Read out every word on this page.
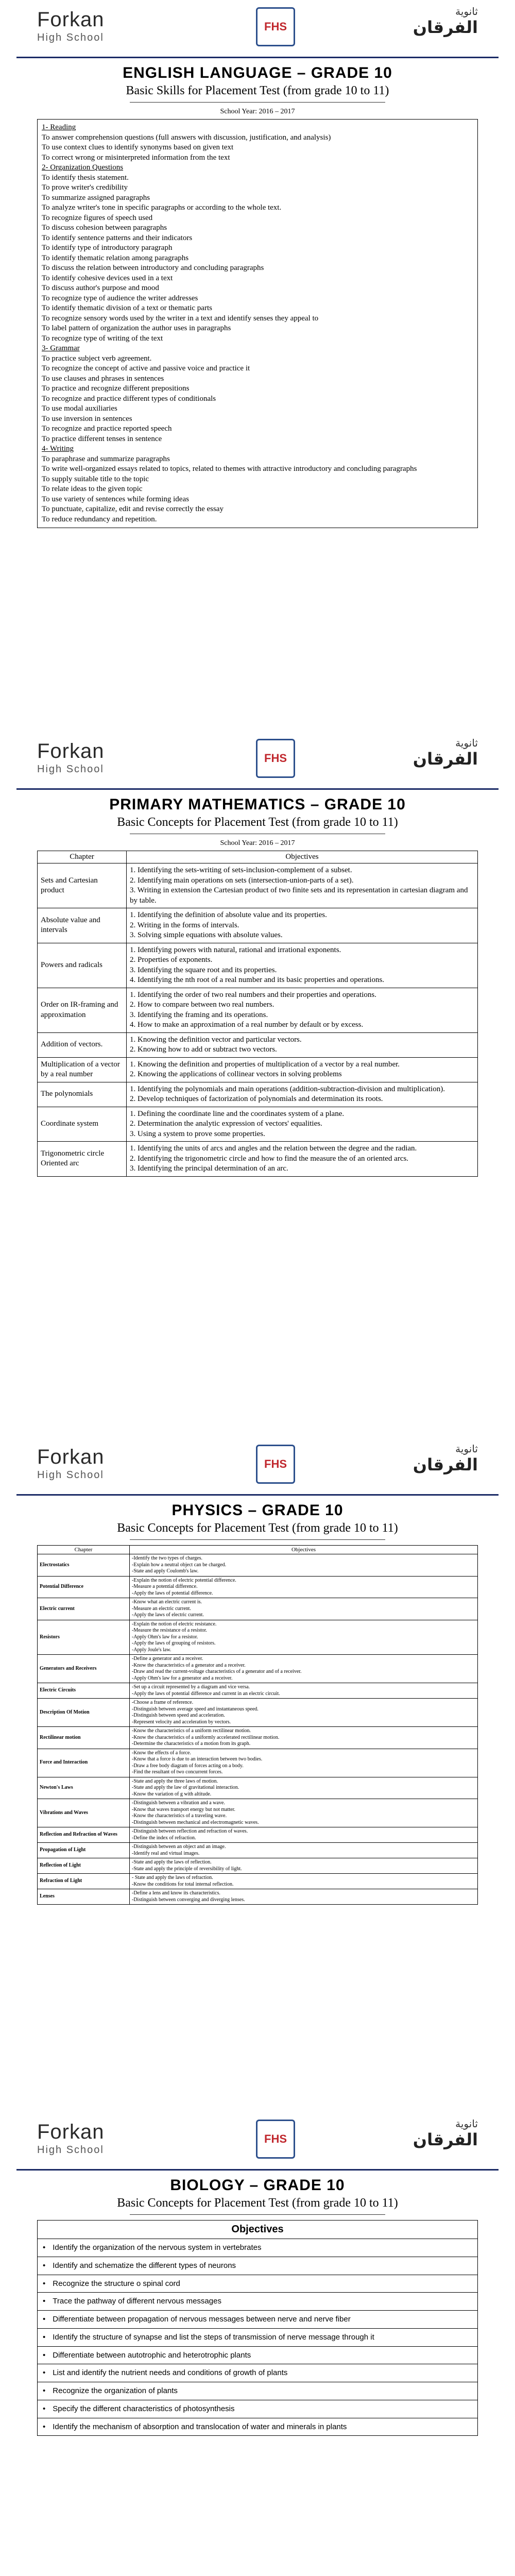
Forkan
High School
FHS
ثانوية
الفرقان
ENGLISH LANGUAGE – GRADE 10
Basic Skills for Placement Test (from grade 10 to 11)
School Year: 2016 – 2017
1- Reading
To answer comprehension questions (full answers with discussion, justification, and analysis)
To use context clues to identify synonyms based on given text
To correct wrong or misinterpreted information from the text
2- Organization Questions
To identify thesis statement.
To prove writer's credibility
To summarize assigned paragraphs
To analyze writer's tone in specific paragraphs or according to the whole text.
To recognize figures of speech used
To discuss cohesion between paragraphs
To identify sentence patterns and their indicators
To identify type of introductory paragraph
To identify thematic relation among paragraphs
To discuss the relation between introductory and concluding paragraphs
To identify cohesive devices used in a text
To discuss author's purpose and mood
To recognize type of audience the writer addresses
To identify thematic division of a text or thematic parts
To recognize sensory words used by the writer in a text and identify senses they appeal to
To label pattern of organization the author uses in paragraphs
To recognize type of writing of the text
3- Grammar
To practice subject verb agreement.
To recognize the concept of active and passive voice and practice it
To use clauses and phrases in sentences
To practice and recognize different prepositions
To recognize and practice different types of conditionals
To use modal auxiliaries
To use inversion in sentences
To recognize and practice reported speech
To practice different tenses in sentence
4- Writing
To paraphrase and summarize paragraphs
To write well-organized essays related to topics, related to themes with attractive introductory and concluding paragraphs
To supply suitable title to the topic
To relate ideas to the given topic
To use variety of sentences while forming ideas
To punctuate, capitalize, edit and revise correctly the essay
To reduce redundancy and repetition.
Forkan
High School
FHS
ثانوية
الفرقان
PRIMARY MATHEMATICS – GRADE 10
Basic Concepts for Placement Test (from grade 10 to 11)
School Year: 2016 – 2017
Chapter	Objectives
Sets and Cartesian product	1. Identifying the sets-writing of sets-inclusion-complement of a subset.
2. Identifying main operations on sets (intersection-union-parts of a set).
3. Writing in extension the Cartesian product of two finite sets and its representation in cartesian diagram and by table.

Absolute value and intervals	1. Identifying the definition of absolute value and its properties.
2. Writing in the forms of intervals.
3. Solving simple equations with absolute values.

Powers and radicals	1. Identifying powers with natural, rational and irrational exponents.
2. Properties of exponents.
3. Identifying the square root and its properties.
4. Identifying the nth root of a real number and its basic properties and operations.

Order on IR-framing and approximation	1. Identifying the order of two real numbers and their properties and operations.
2. How to compare between two real numbers.
3. Identifying the framing and its operations.
4. How to make an approximation of a real number by default or by excess.

Addition of vectors.	1. Knowing the definition vector and particular vectors.
2. Knowing how to add or subtract two vectors.

Multiplication of a vector by a real number	1. Knowing the definition and properties of multiplication of a vector by a real number.
2. Knowing the applications of collinear vectors in solving problems

The polynomials	1. Identifying the polynomials and main operations (addition-subtraction-division and multiplication).
2. Develop techniques of factorization of polynomials and determination its roots.

Coordinate system	1. Defining the coordinate line and the coordinates system of a plane.
2. Determination the analytic expression of vectors' equalities.
3. Using a system to prove some properties.

Trigonometric circle Oriented arc	1. Identifying the units of arcs and angles and the relation between the degree and the radian.
2. Identifying the trigonometric circle and how to find the measure the of an oriented arcs.
3. Identifying the principal determination of an arc.
Forkan
High School
FHS
ثانوية
الفرقان
PHYSICS – GRADE 10
Basic Concepts for Placement Test (from grade 10 to 11)
Chapter	Objectives
Electrostatics	-Identify the two types of charges.
-Explain how a neutral object can be charged.
-State and apply Coulomb's law.

Potential Difference	-Explain the notion of electric potential difference.
-Measure a potential difference.
-Apply the laws of potential difference.

Electric current	-Know what an electric current is.
-Measure an electric current.
-Apply the laws of electric current.

Resistors	-Explain the notion of electric resistance.
-Measure the resistance of a resistor.
-Apply Ohm's law for a resistor.
-Apply the laws of grouping of resistors.
-Apply Joule's law.

Generators and Receivers	-Define a generator and a receiver.
-Know the characteristics of a generator and a receiver.
-Draw and read the current-voltage characteristics of a generator and of a receiver.
-Apply Ohm's law for a generator and a receiver.

Electric Circuits	-Set up a circuit represented by a diagram and vice versa.
-Apply the laws of potential difference and current in an electric circuit.

Description Of Motion	-Choose a frame of reference.
-Distinguish between average speed and instantaneous speed.
-Distinguish between speed and acceleration.
-Represent velocity and acceleration by vectors.

Rectilinear motion	-Know the characteristics of a uniform rectilinear motion.
-Know the characteristics of a uniformly accelerated rectilinear motion.
-Determine the characteristics of a motion from its graph.

Force and Interaction	-Know the effects of a force.
-Know that a force is due to an interaction between two bodies.
-Draw a free body diagram of forces acting on a body.
-Find the resultant of two concurrent forces.

Newton's Laws	-State and apply the three laws of motion.
-State and apply the law of gravitational interaction.
-Know the variation of g with altitude.

Vibrations and Waves	-Distinguish between a vibration and a wave.
-Know that waves transport energy but not matter.
-Know the characteristics of a traveling wave.
-Distinguish between mechanical and electromagnetic waves.

Reflection and Refraction of Waves	-Distinguish between reflection and refraction of waves.
-Define the index of refraction.

Propagation of Light	-Distinguish between an object and an image.
-Identify real and virtual images.

Reflection of Light	-State and apply the laws of reflection.
-State and apply the principle of reversibility of light.

Refraction of Light	- State and apply the laws of refraction.
-Know the conditions for total internal reflection.

Lenses	-Define a lens and know its characteristics.
-Distinguish between converging and diverging lenses.
Forkan
High School
FHS
ثانوية
الفرقان
BIOLOGY – GRADE 10
Basic Concepts for Placement Test (from grade 10 to 11)
Objectives
• Identify the organization of the nervous system in vertebrates
• Identify and schematize the different types of neurons
• Recognize the structure o spinal cord
• Trace the pathway of different nervous messages
• Differentiate between propagation of nervous messages between nerve and nerve fiber
• Identify the structure of synapse and list the steps of transmission of nerve message through it
• Differentiate between autotrophic and heterotrophic plants
• List and identify the nutrient needs and conditions of growth of plants
• Recognize the organization of plants
• Specify the different characteristics of photosynthesis
• Identify the mechanism of absorption and translocation of water and minerals in plants
